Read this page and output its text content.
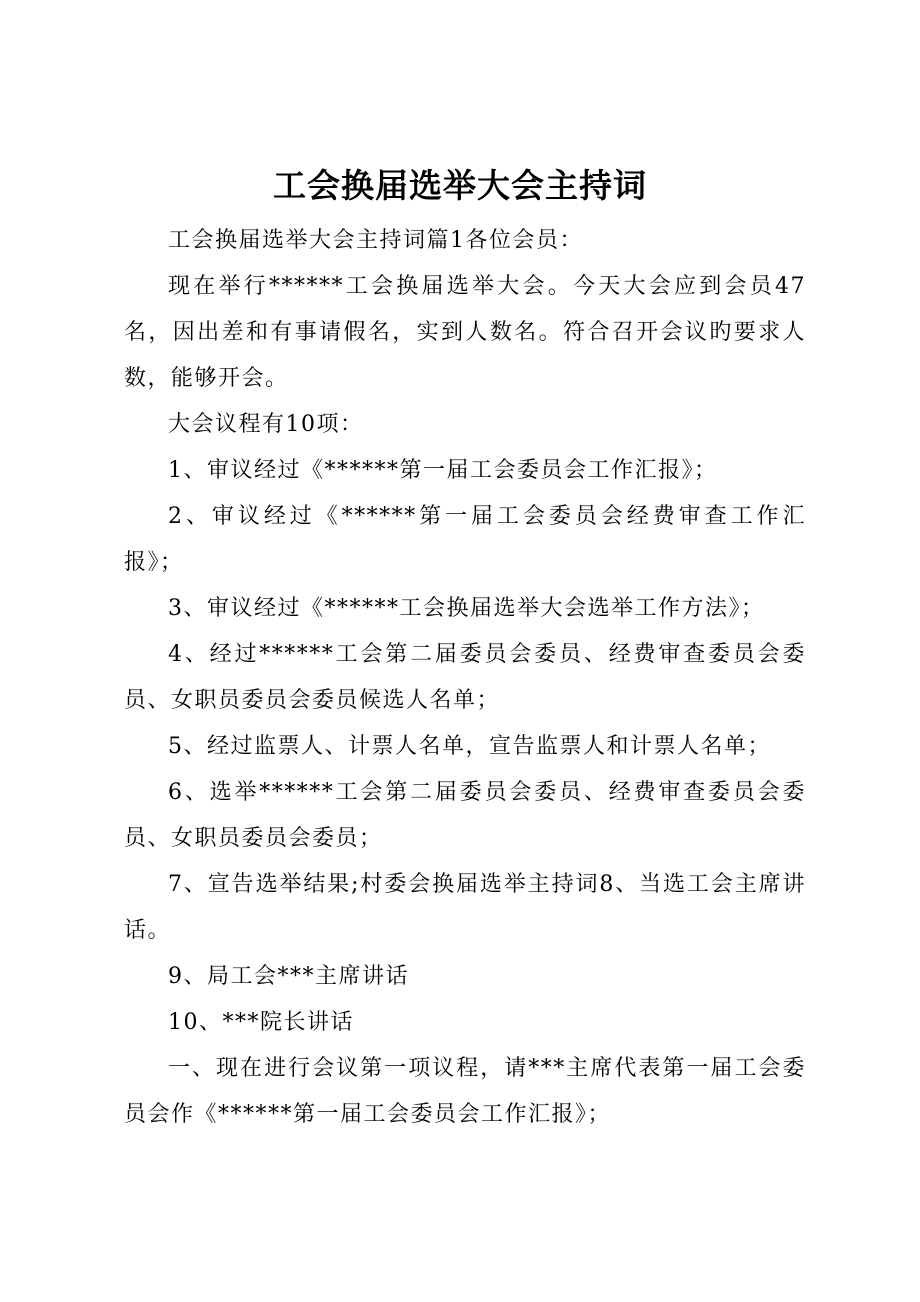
工会换届选举大会主持词

工会换届选举大会主持词篇1各位会员：

现在举行******工会换届选举大会。今天大会应到会员47名，因出差和有事请假名，实到人数名。符合召开会议旳要求人数，能够开会。

大会议程有10项：

1、审议经过《******第一届工会委员会工作汇报》；

2、审议经过《******第一届工会委员会经费审查工作汇报》；

3、审议经过《******工会换届选举大会选举工作方法》；

4、经过******工会第二届委员会委员、经费审查委员会委员、女职员委员会委员候选人名单；

5、经过监票人、计票人名单，宣告监票人和计票人名单；

6、选举******工会第二届委员会委员、经费审查委员会委员、女职员委员会委员；

7、宣告选举结果;村委会换届选举主持词8、当选工会主席讲话。

9、局工会***主席讲话

10、***院长讲话

一、现在进行会议第一项议程，请***主席代表第一届工会委员会作《******第一届工会委员会工作汇报》；
